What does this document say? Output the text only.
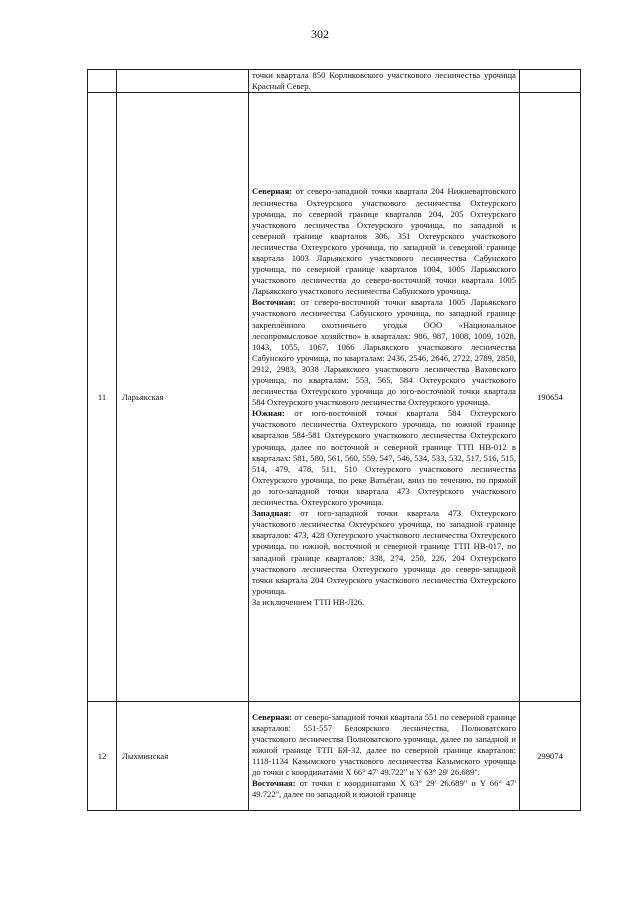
302

		точки квартала 850 Корликовского участкового лесничества урочища Красный Север.	

11	Ларьякская	Северная: от северо-западной точки квартала 204 Нижневартовского лесничества Охтеурского участкового лесничества Охтеурского урочища, по северной границе кварталов 204, 205 Охтеурского участкового лесничества Охтеурского урочища, по западной и северной границе кварталов 306, 351 Охтеурского участкового лесничества Охтеурского урочища, по западной и северной границе квартала 1003 Ларьякского участкового лесничества Сабунского урочища, по северной границе кварталов 1004, 1005 Ларьякского участкового лесничества до северо-восточной точки квартала 1005 Ларьякского участкового лесничества Сабунского урочища.

Восточная: от северо-восточной точки квартала 1005 Ларьякского участкового лесничества Сабунского урочища, по западной границе закреплённого охотничьего угодья ООО «Национальное лесопромысловое хозяйство» в кварталах: 986, 987, 1008, 1009, 1028, 1043, 1055, 1067, 1066 Ларьякского участкового лесничества Сабунского урочища, по кварталам: 2436, 2546, 2646, 2722, 2789, 2850, 2912, 2983, 3038 Ларьякского участкового лесничества Ваховского урочища, по кварталам: 553, 565, 584 Охтеурского участкового лесничества Охтеурского урочища до юго-восточной точки квартала 584 Охтеурского участкового лесничества Охтеурского урочища.

Южная: от юго-восточной точки квартала 584 Охтеурского участкового лесничества Охтеурского урочища, по южной границе кварталов 584-581 Охтеурского участкового лесничества Охтеурского урочища, далее по восточной и северной границе ТТП НВ-012 в кварталах: 581, 580, 561, 560, 559, 547, 546, 534, 533, 532, 517, 516, 515, 514, 479, 478, 511, 510 Охтеурского участкового лесничества Охтеурского урочища, по реке Ватьёган, вниз по течению, по прямой до юго-западной точки квартала 473 Охтеурского участкового лесничества. Охтеурского урочища.

Западная: от юго-западной точки квартала 473 Охтеурского участкового лесничества Охтеурского урочища, по западной границе кварталов: 473, 428 Охтеурского участкового лесничества Охтеурского урочища, по южной, восточной и северной границе ТТП НВ-017, по западной границе кварталов: 338, 274, 250, 226, 204 Охтеурского участкового лесничества Охтеурского урочища до северо-западной точки квартала 204 Охтеурского участкового лесничества Охтеурского урочища.

За исключением ТТП НВ-Л26.	190654
12	Лыхминская	Северная: от северо-западной точки квартала 551 по северной границе кварталов: 551-557 Белоярского лесничества, Полноватского участкового лесничества Полноватского урочища, далее по западной и южной границе ТТП БЯ-32, далее по северной границе кварталов: 1118-1134 Казымского участкового лесничества Казымского урочища до точки с координатами X 66° 47' 49.722" и Y 63° 29' 26.689".

Восточная: от точки с координатами X 63° 29' 26.689" и Y 66° 47' 49.722", далее по западной и южной границе	299074
